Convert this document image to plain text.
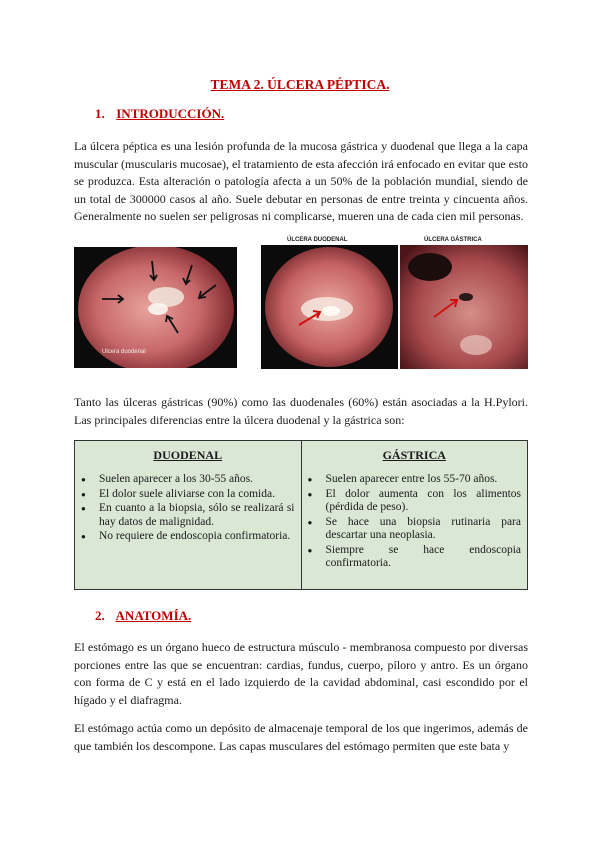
TEMA 2. ÚLCERA PÉPTICA.
1. INTRODUCCIÓN.

La úlcera péptica es una lesión profunda de la mucosa gástrica y duodenal que llega a la capa muscular (muscularis mucosae), el tratamiento de esta afección irá enfocado en evitar que esto se produzca. Esta alteración o patología afecta a un 50% de la población mundial, siendo de un total de 300000 casos al año. Suele debutar en personas de entre treinta y cincuenta años. Generalmente no suelen ser peligrosas ni complicarse, mueren una de cada cien mil personas.

Ulcera duodenal
ÚLCERA DUODENAL	ÚLCERA GÁSTRICA

Tanto las úlceras gástricas (90%) como las duodenales (60%) están asociadas a la H.Pylori. Las principales diferencias entre la úlcera duodenal y la gástrica son:

DUODENAL
● Suelen aparecer a los 30-55 años.
● El dolor suele aliviarse con la comida.
● En cuanto a la biopsia, sólo se realizará si hay datos de malignidad.
● No requiere de endoscopia confirmatoria.

GÁSTRICA
● Suelen aparecer entre los 55-70 años.
● El dolor aumenta con los alimentos (pérdida de peso).
● Se hace una biopsia rutinaria para descartar una neoplasia.
● Siempre se hace endoscopia confirmatoria.
2. ANATOMÍA.

El estómago es un órgano hueco de estructura músculo - membranosa compuesto por diversas porciones entre las que se encuentran: cardias, fundus, cuerpo, píloro y antro. Es un órgano con forma de C y está en el lado izquierdo de la cavidad abdominal, casi escondido por el hígado y el diafragma.

El estómago actúa como un depósito de almacenaje temporal de los que ingerimos, además de que también los descompone. Las capas musculares del estómago permiten que este bata y
